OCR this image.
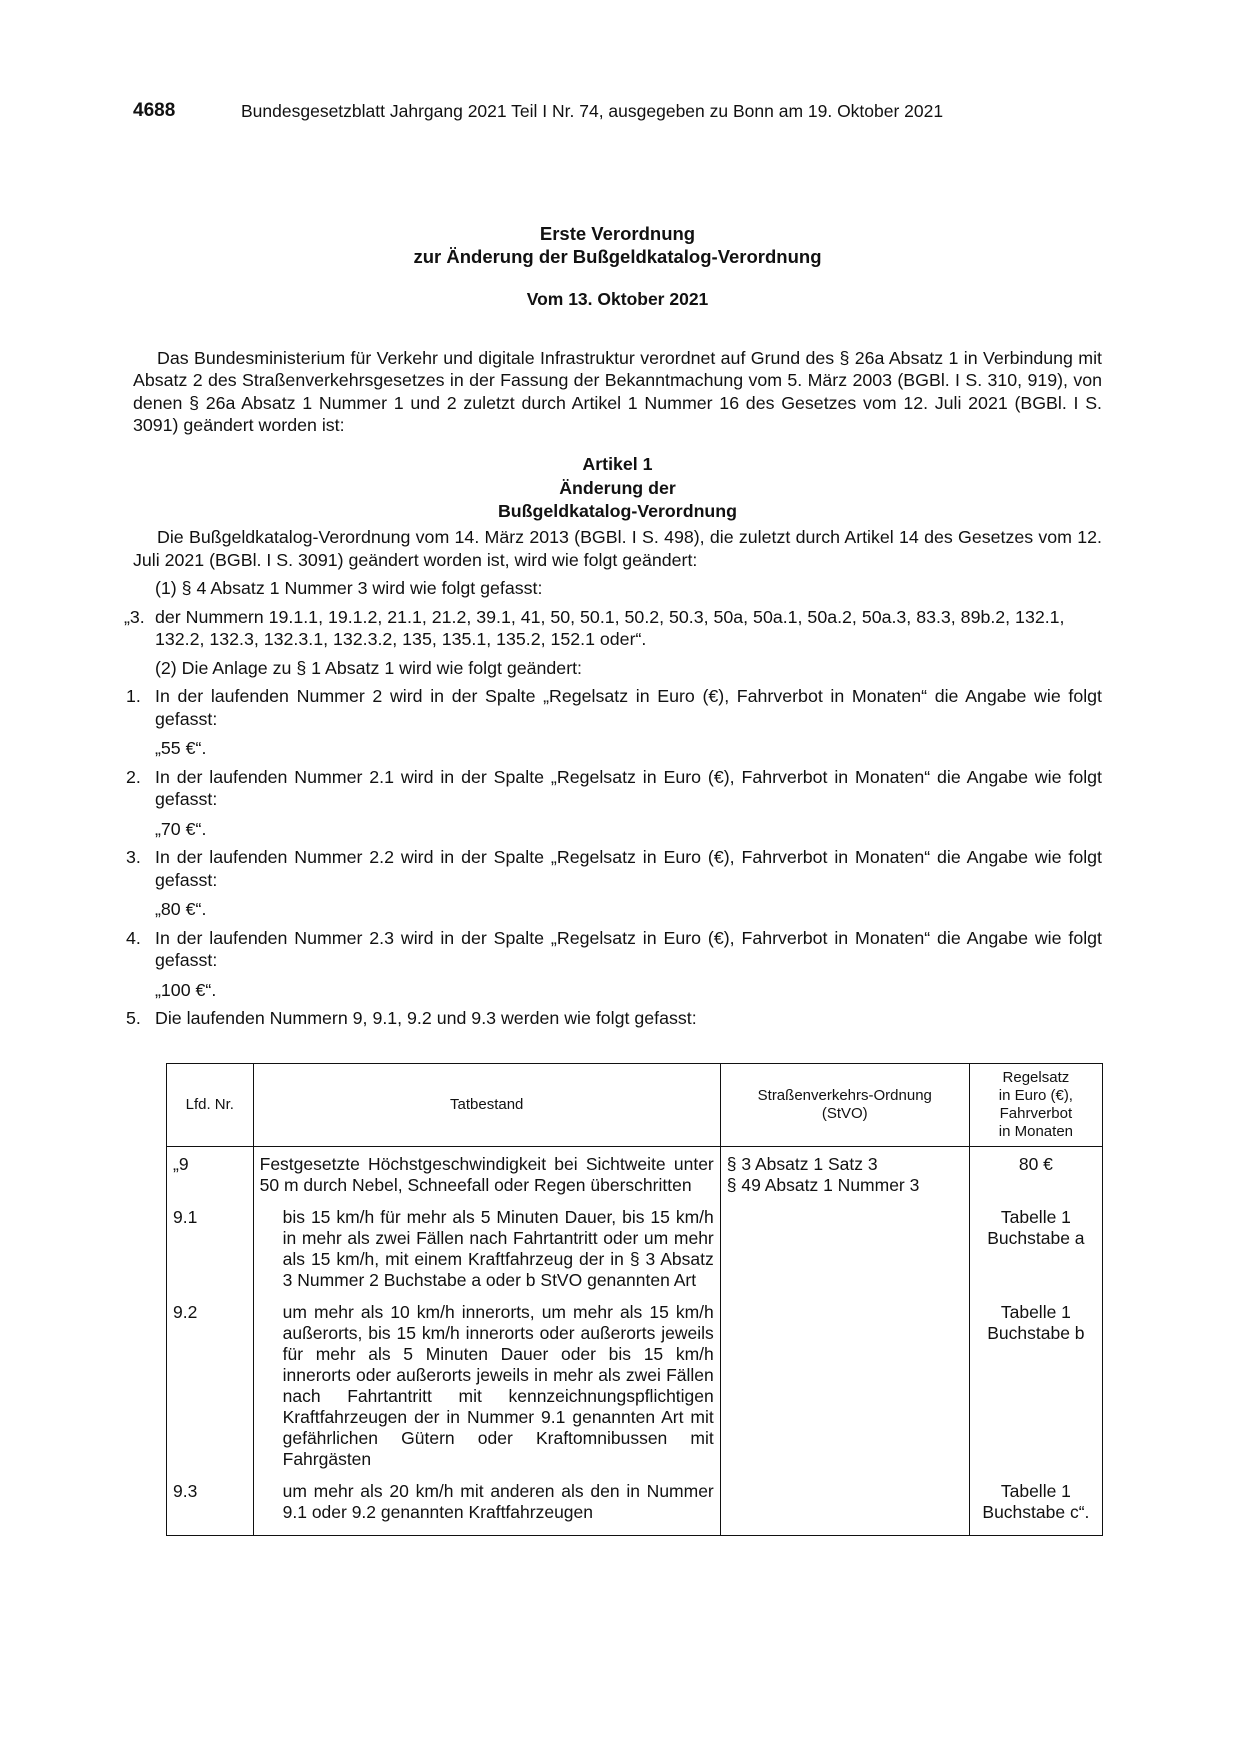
4688	Bundesgesetzblatt Jahrgang 2021 Teil I Nr. 74, ausgegeben zu Bonn am 19. Oktober 2021

Erste Verordnung

zur Änderung der Bußgeldkatalog-Verordnung

Vom 13. Oktober 2021

Das Bundesministerium für Verkehr und digitale Infrastruktur verordnet auf Grund des § 26a Absatz 1 in Verbindung mit Absatz 2 des Straßenverkehrsgesetzes in der Fassung der Bekanntmachung vom 5. März 2003 (BGBl. I S. 310, 919), von denen § 26a Absatz 1 Nummer 1 und 2 zuletzt durch Artikel 1 Nummer 16 des Gesetzes vom 12. Juli 2021 (BGBl. I S. 3091) geändert worden ist:

Artikel 1

Änderung der

Bußgeldkatalog-Verordnung

Die Bußgeldkatalog-Verordnung vom 14. März 2013 (BGBl. I S. 498), die zuletzt durch Artikel 14 des Gesetzes vom 12. Juli 2021 (BGBl. I S. 3091) geändert worden ist, wird wie folgt geändert:

(1) § 4 Absatz 1 Nummer 3 wird wie folgt gefasst:

„3. der Nummern 19.1.1, 19.1.2, 21.1, 21.2, 39.1, 41, 50, 50.1, 50.2, 50.3, 50a, 50a.1, 50a.2, 50a.3, 83.3, 89b.2, 132.1, 132.2, 132.3, 132.3.1, 132.3.2, 135, 135.1, 135.2, 152.1 oder“.

(2) Die Anlage zu § 1 Absatz 1 wird wie folgt geändert:

1. In der laufenden Nummer 2 wird in der Spalte „Regelsatz in Euro (€), Fahrverbot in Monaten“ die Angabe wie folgt gefasst:

„55 €“.

2. In der laufenden Nummer 2.1 wird in der Spalte „Regelsatz in Euro (€), Fahrverbot in Monaten“ die Angabe wie folgt gefasst:

„70 €“.

3. In der laufenden Nummer 2.2 wird in der Spalte „Regelsatz in Euro (€), Fahrverbot in Monaten“ die Angabe wie folgt gefasst:

„80 €“.

4. In der laufenden Nummer 2.3 wird in der Spalte „Regelsatz in Euro (€), Fahrverbot in Monaten“ die Angabe wie folgt gefasst:

„100 €“.

5. Die laufenden Nummern 9, 9.1, 9.2 und 9.3 werden wie folgt gefasst:
Lfd. Nr.	Tatbestand	Straßenverkehrs-Ordnung
(StVO)	Regelsatz
in Euro (€),
Fahrverbot
in Monaten
„9	Festgesetzte Höchstgeschwindigkeit bei Sichtweite unter 50 m durch Nebel, Schneefall oder Regen überschritten	§ 3 Absatz 1 Satz 3
§ 49 Absatz 1 Nummer 3	80 €
9.1	bis 15 km/h für mehr als 5 Minuten Dauer, bis 15 km/h in mehr als zwei Fällen nach Fahrtantritt oder um mehr als 15 km/h, mit einem Kraftfahrzeug der in § 3 Absatz 3 Nummer 2 Buchstabe a oder b StVO genannten Art		Tabelle 1
Buchstabe a
9.2	um mehr als 10 km/h innerorts, um mehr als 15 km/h außerorts, bis 15 km/h innerorts oder außerorts jeweils für mehr als 5 Minuten Dauer oder bis 15 km/h innerorts oder außerorts jeweils in mehr als zwei Fällen nach Fahrtantritt mit kennzeichnungspflichtigen Kraftfahrzeugen der in Nummer 9.1 genannten Art mit gefährlichen Gütern oder Kraftomnibussen mit Fahrgästen		Tabelle 1
Buchstabe b
9.3	um mehr als 20 km/h mit anderen als den in Nummer 9.1 oder 9.2 genannten Kraftfahrzeugen		Tabelle 1
Buchstabe c“.
